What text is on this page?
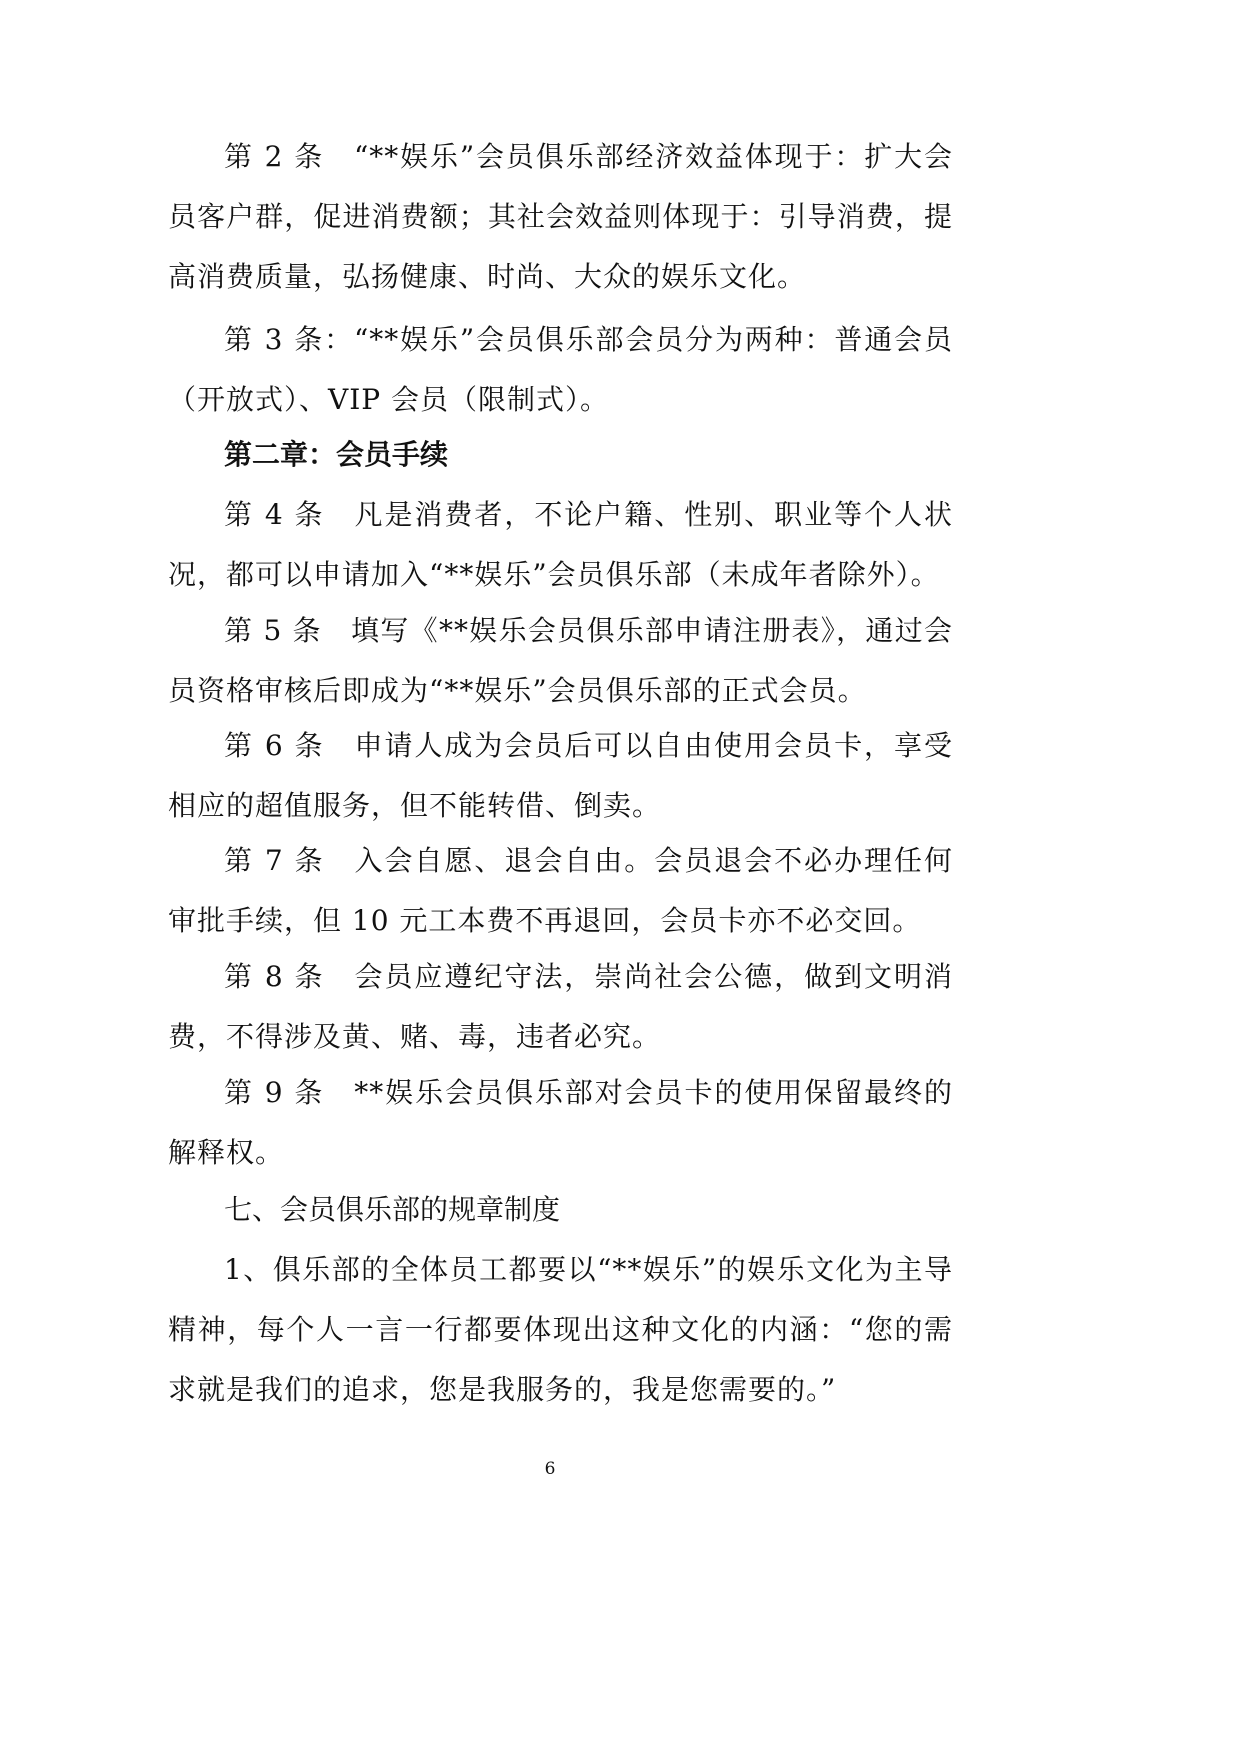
第 2 条　“**娱乐”会员俱乐部经济效益体现于：扩大会员客户群，促进消费额；其社会效益则体现于：引导消费，提高消费质量，弘扬健康、时尚、大众的娱乐文化。

第 3 条：“**娱乐”会员俱乐部会员分为两种：普通会员（开放式）、VIP 会员（限制式）。

第二章：会员手续

第 4 条　凡是消费者，不论户籍、性别、职业等个人状况，都可以申请加入“**娱乐”会员俱乐部（未成年者除外）。

第 5 条　填写《**娱乐会员俱乐部申请注册表》，通过会员资格审核后即成为“**娱乐”会员俱乐部的正式会员。

第 6 条　申请人成为会员后可以自由使用会员卡，享受相应的超值服务，但不能转借、倒卖。

第 7 条　入会自愿、退会自由。会员退会不必办理任何审批手续，但 10 元工本费不再退回，会员卡亦不必交回。

第 8 条　会员应遵纪守法，崇尚社会公德，做到文明消费，不得涉及黄、赌、毒，违者必究。

第 9 条　**娱乐会员俱乐部对会员卡的使用保留最终的解释权。

七、会员俱乐部的规章制度

1、俱乐部的全体员工都要以“**娱乐”的娱乐文化为主导精神，每个人一言一行都要体现出这种文化的内涵：“您的需求就是我们的追求，您是我服务的，我是您需要的。”

6
